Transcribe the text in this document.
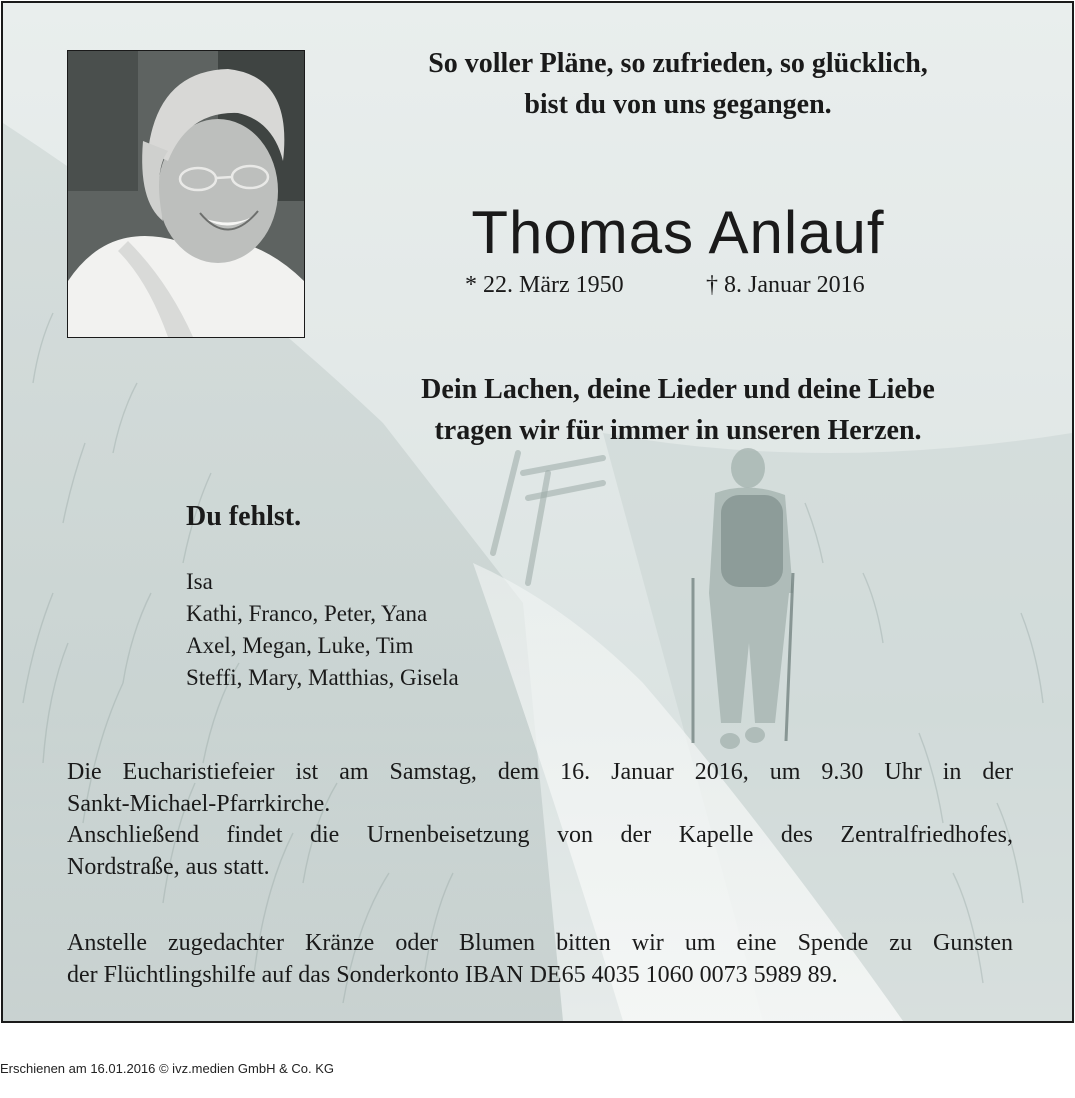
So voller Pläne, so zufrieden, so glücklich,
bist du von uns gegangen.

Thomas Anlauf
* 22. März 1950	† 8. Januar 2016

Dein Lachen, deine Lieder und deine Liebe
tragen wir für immer in unseren Herzen.

Du fehlst.

Isa
Kathi, Franco, Peter, Yana
Axel, Megan, Luke, Tim
Steffi, Mary, Matthias, Gisela
Die Eucharistiefeier ist am Samstag, dem 16. Januar 2016, um 9.30 Uhr in der
Sankt-Michael-Pfarrkirche.
Anschließend findet die Urnenbeisetzung von der Kapelle des Zentralfriedhofes,
Nordstraße, aus statt.
Anstelle zugedachter Kränze oder Blumen bitten wir um eine Spende zu Gunsten
der Flüchtlingshilfe auf das Sonderkonto IBAN DE65 4035 1060 0073 5989 89.
Erschienen am 16.01.2016 © ivz.medien GmbH & Co. KG
